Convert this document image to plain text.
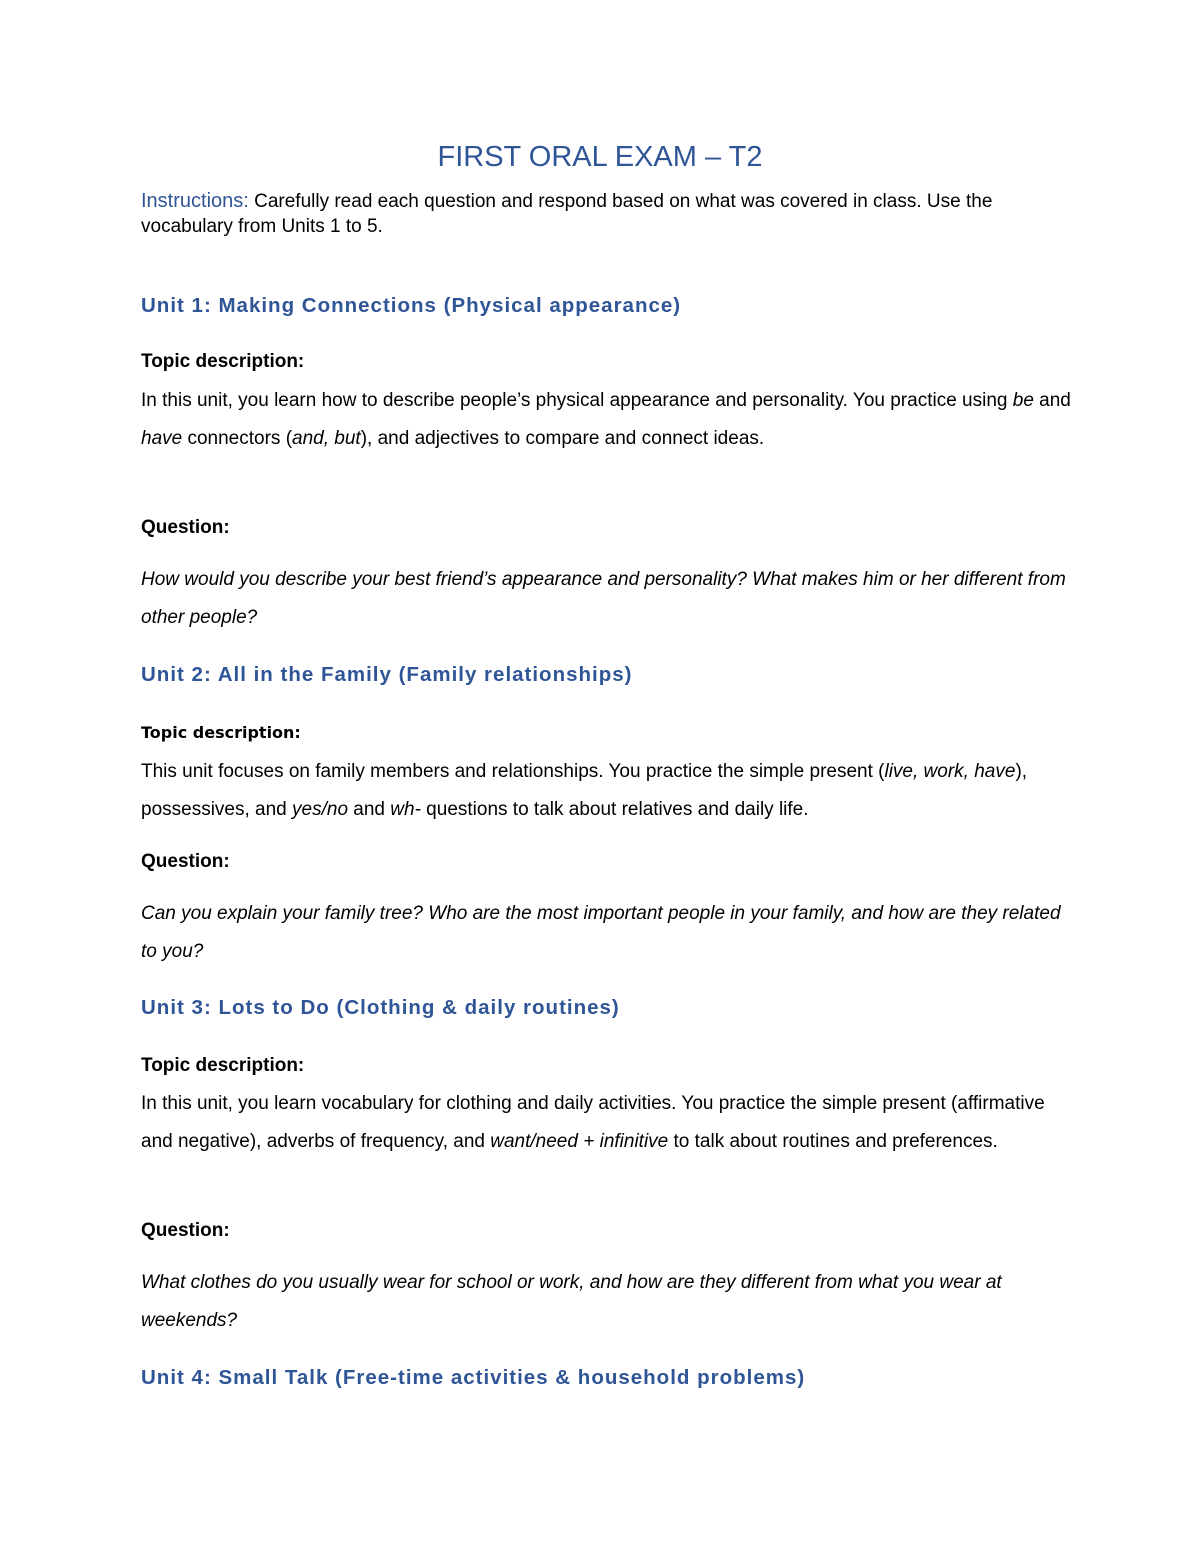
FIRST ORAL EXAM – T2

Instructions: Carefully read each question and respond based on what was covered in class. Use the vocabulary from Units 1 to 5.

Unit 1: Making Connections (Physical appearance)

Topic description:

In this unit, you learn how to describe people’s physical appearance and personality. You practice using be and have connectors (and, but), and adjectives to compare and connect ideas.

Question:

How would you describe your best friend’s appearance and personality? What makes him or her different from other people?

Unit 2: All in the Family (Family relationships)

Topic description:

This unit focuses on family members and relationships. You practice the simple present (live, work, have), possessives, and yes/no and wh- questions to talk about relatives and daily life.

Question:

Can you explain your family tree? Who are the most important people in your family, and how are they related to you?

Unit 3: Lots to Do (Clothing & daily routines)

Topic description:

In this unit, you learn vocabulary for clothing and daily activities. You practice the simple present (affirmative and negative), adverbs of frequency, and want/need + infinitive to talk about routines and preferences.

Question:

What clothes do you usually wear for school or work, and how are they different from what you wear at weekends?

Unit 4: Small Talk (Free-time activities & household problems)
